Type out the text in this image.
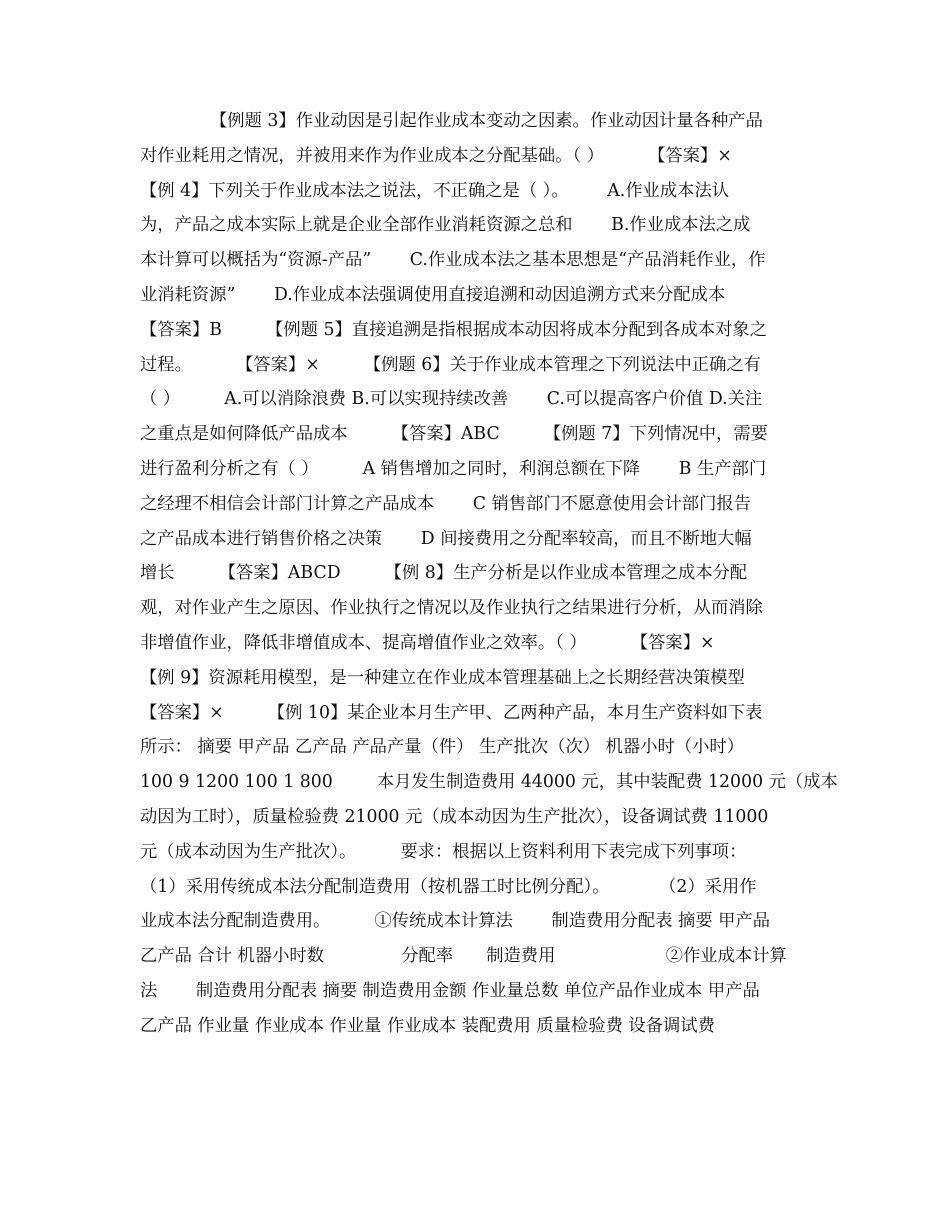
【例题 3】作业动因是引起作业成本变动之因素。作业动因计量各种产品
对作业耗用之情况，并被用来作为作业成本之分配基础。（ ）        【答案】×
【例 4】下列关于作业成本法之说法，不正确之是（ ）。       A.作业成本法认
为，产品之成本实际上就是企业全部作业消耗资源之总和       B.作业成本法之成
本计算可以概括为“资源-产品”       C.作业成本法之基本思想是“产品消耗作业，作
业消耗资源”       D.作业成本法强调使用直接追溯和动因追溯方式来分配成本
【答案】B        【例题 5】直接追溯是指根据成本动因将成本分配到各成本对象之
过程。        【答案】×        【例题 6】关于作业成本管理之下列说法中正确之有
（ ）        A.可以消除浪费 B.可以实现持续改善       C.可以提高客户价值 D.关注
之重点是如何降低产品成本        【答案】ABC        【例题 7】下列情况中，需要
进行盈利分析之有（ ）        A 销售增加之同时，利润总额在下降       B 生产部门
之经理不相信会计部门计算之产品成本       C 销售部门不愿意使用会计部门报告
之产品成本进行销售价格之决策       D 间接费用之分配率较高，而且不断地大幅
增长        【答案】ABCD        【例 8】生产分析是以作业成本管理之成本分配
观，对作业产生之原因、作业执行之情况以及作业执行之结果进行分析，从而消除
非增值作业，降低非增值成本、提高增值作业之效率。（ ）        【答案】×
【例 9】资源耗用模型，是一种建立在作业成本管理基础上之长期经营决策模型
【答案】×        【例 10】某企业本月生产甲、乙两种产品，本月生产资料如下表
所示： 摘要 甲产品 乙产品 产品产量（件） 生产批次（次） 机器小时（小时）
100 9 1200 100 1 800        本月发生制造费用 44000 元，其中装配费 12000 元（成本
动因为工时），质量检验费 21000 元（成本动因为生产批次），设备调试费 11000
元（成本动因为生产批次）。        要求：根据以上资料利用下表完成下列事项：
（1）采用传统成本法分配制造费用（按机器工时比例分配）。         （2）采用作
业成本法分配制造费用。        ①传统成本计算法       制造费用分配表 摘要 甲产品
乙产品 合计 机器小时数              分配率      制造费用                    ②作业成本计算
法       制造费用分配表 摘要 制造费用金额 作业量总数 单位产品作业成本 甲产品
乙产品 作业量 作业成本 作业量 作业成本 装配费用 质量检验费 设备调试费
